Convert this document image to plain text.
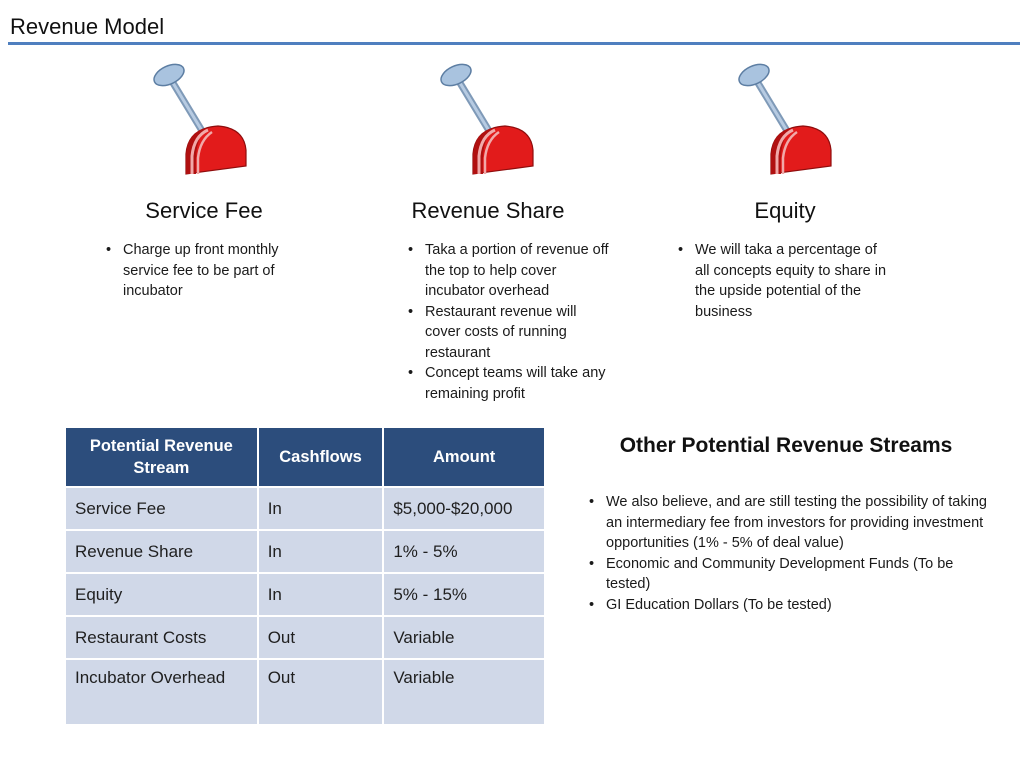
Revenue Model
Service Fee	Revenue Share	Equity
• Charge up front monthly service fee to be part of incubator
• Taka a portion of revenue off the top to help cover incubator overhead
• Restaurant revenue will cover costs of running restaurant
• Concept teams will take any remaining profit
• We will taka a percentage of all concepts equity to share in the upside potential of the business
Potential Revenue Stream	Cashflows	Amount
Service Fee	In	$5,000-$20,000
Revenue Share	In	1% - 5%
Equity	In	5% - 15%
Restaurant Costs	Out	Variable
Incubator Overhead	Out	Variable
Other Potential Revenue Streams
• We also believe, and are still testing the possibility of taking an intermediary fee from investors for providing investment opportunities (1% - 5% of deal value)
• Economic and Community Development Funds (To be tested)
• GI Education Dollars (To be tested)
